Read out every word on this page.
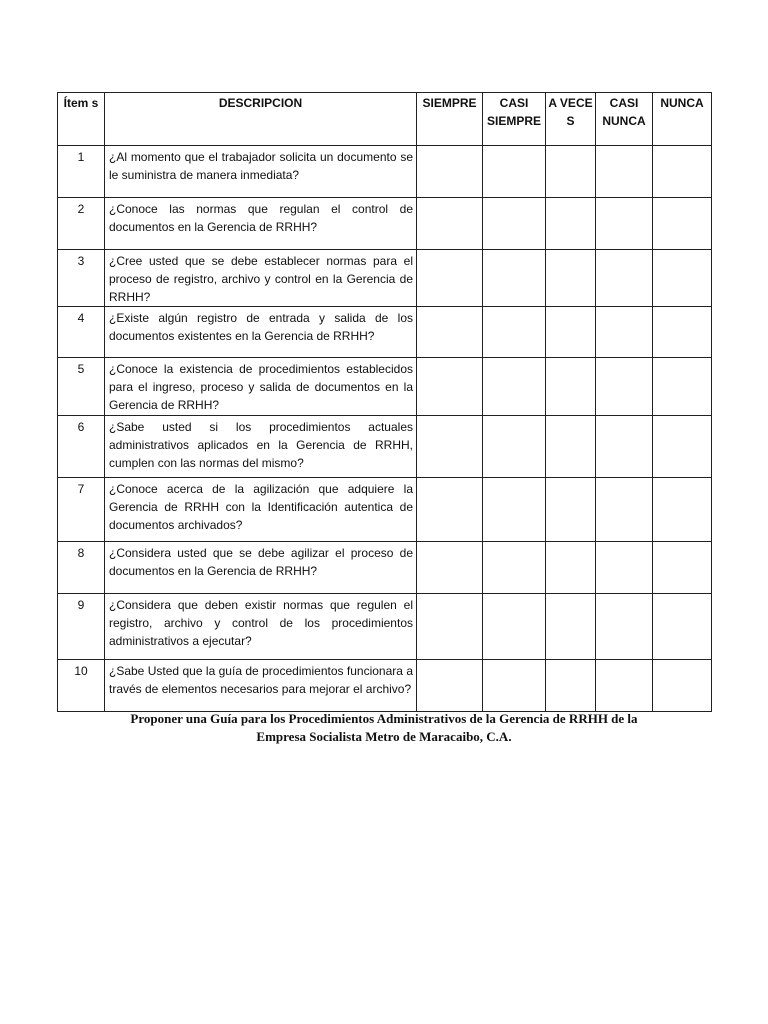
Ítem s	DESCRIPCION	SIEMPRE	CASI SIEMPRE	A VECE S	CASI NUNCA	NUNCA
1	¿Al momento que el trabajador solicita un documento se le suministra de manera inmediata?					
2	¿Conoce las normas que regulan el control de documentos en la Gerencia de RRHH?					
3	¿Cree usted que se debe establecer normas para el proceso de registro, archivo y control en la Gerencia de RRHH?					
4	¿Existe algún registro de entrada y salida de los documentos existentes en la Gerencia de RRHH?					
5	¿Conoce la existencia de procedimientos establecidos para el ingreso, proceso y salida de documentos en la Gerencia de RRHH?					
6	¿Sabe usted si los procedimientos actuales administrativos aplicados en la Gerencia de RRHH, cumplen con las normas del mismo?					
7	¿Conoce acerca de la agilización que adquiere la Gerencia de RRHH con la Identificación autentica de documentos archivados?					
8	¿Considera usted que se debe agilizar el proceso de documentos en la Gerencia de RRHH?					
9	¿Considera que deben existir normas que regulen el registro, archivo y control de los procedimientos administrativos a ejecutar?					
10	¿Sabe Usted que la guía de procedimientos funcionara a través de elementos necesarios para mejorar el archivo?					
Proponer una Guía para los Procedimientos Administrativos de la Gerencia de RRHH de la
Empresa Socialista Metro de Maracaibo, C.A.
